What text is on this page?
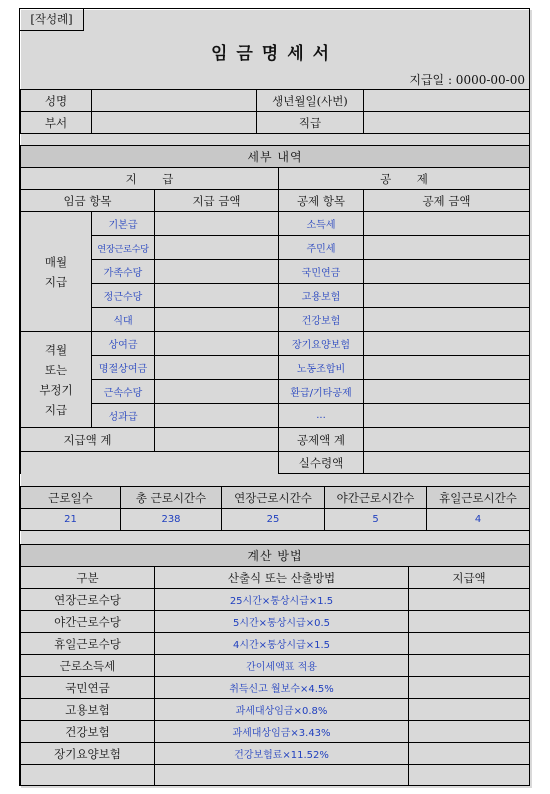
[작성례]
임금명세서
지급일 : 0000-00-00
성명		생년월일(사번)	
부서		직급	
세부 내역				
지       급			공       제	
임금 항목		지급 금액	공제 항목	공제 금액
매월
지급	기본급		소득세	
	연장근로수당		주민세	
	가족수당		국민연금	
	정근수당		고용보험	
	식대		건강보험	
격월
또는
부정기
지급	상여금		장기요양보험	
	명절상여금		노동조합비	
	근속수당		환급/기타공제	
	성과급		...	
지급액 계			공제액 계	
			실수령액	
근로일수	총 근로시간수	연장근로시간수	야간근로시간수	휴일근로시간수
21	238	25	5	4
계산 방법		
구분	산출식 또는 산출방법	지급액
연장근로수당	25시간×통상시급×1.5	
야간근로수당	5시간×통상시급×0.5	
휴일근로수당	4시간×통상시급×1.5	
근로소득세	간이세액표 적용	
국민연금	취득신고 월보수×4.5%	
고용보험	과세대상임금×0.8%	
건강보험	과세대상임금×3.43%	
장기요양보험	건강보험료×11.52%	
